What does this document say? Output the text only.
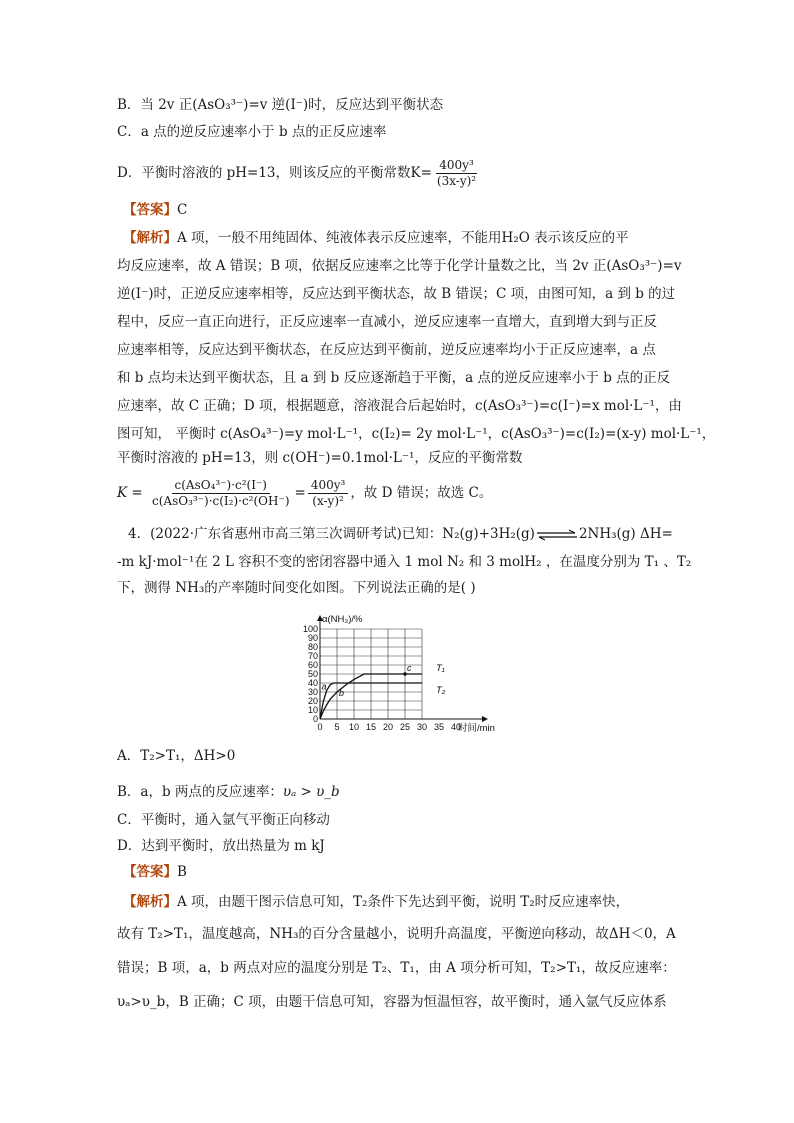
B．当 2v 正(AsO₃³⁻)=v 逆(I⁻)时，反应达到平衡状态
C．a 点的逆反应速率小于 b 点的正反应速率
D．平衡时溶液的 pH=13，则该反应的平衡常数$K= \frac{\text{400y³}}{\text{(3x-y)²}}$
【答案】C
【解析】A 项，一般不用纯固体、纯液体表示反应速率，不能用H₂O 表示该反应的平
均反应速率，故 A 错误；B 项，依据反应速率之比等于化学计量数之比，当 2v 正(AsO₃³⁻)=v
逆(I⁻)时，正逆反应速率相等，反应达到平衡状态，故 B 错误；C 项，由图可知，a 到 b 的过
程中，反应一直正向进行，正反应速率一直减小，逆反应速率一直增大，直到增大到与正反
应速率相等，反应达到平衡状态，在反应达到平衡前，逆反应速率均小于正反应速率，a 点
和 b 点均未达到平衡状态，且 a 到 b 反应逐渐趋于平衡，a 点的逆反应速率小于 b 点的正反
应速率，故 C 正确；D 项，根据题意，溶液混合后起始时，c(AsO₃³⁻)=c(I⁻)=x mol·L⁻¹，由
图可知， 平衡时 c(AsO₄³⁻)=y mol·L⁻¹，c(I₂)= 2y mol·L⁻¹，c(AsO₃³⁻)=c(I₂)=(x-y) mol·L⁻¹，
平衡时溶液的 pH=13，则 c(OH⁻)=0.1mol·L⁻¹，反应的平衡常数
$K = \frac{\text{c(AsO₄³⁻)·c²(I⁻)}}{\text{c(AsO₃³⁻)·c(I₂)·c²(OH⁻)}} = \frac{\text{400y³}}{\text{(x-y)²}}$ ，故 D 错误；故选 C。
4．(2022·广东省惠州市高三第三次调研考试)已知：N₂(g)+3H₂(g)⇌2NH₃(g) ΔH=
-m kJ·mol⁻¹在 2 L 容积不变的密闭容器中通入 1 mol N₂ 和 3 molH₂ ，在温度分别为 T₁ 、T₂
下，测得 NH₃的产率随时间变化如图。下列说法正确的是( )
0
10
20
30
40
50
60
70
80
90
100
0 5 10 15 20 25 30 35 40
α(NH₃)/%
时间/min
T₁
T₂
a
b
c
A．T₂>T₁，ΔH>0
B．a，b 两点的反应速率：υₐ > υ_b
C．平衡时，通入氩气平衡正向移动
D．达到平衡时，放出热量为 m kJ
【答案】B
【解析】A 项，由题干图示信息可知，T₂条件下先达到平衡，说明 T₂时反应速率快，
故有 T₂>T₁，温度越高，NH₃的百分含量越小，说明升高温度，平衡逆向移动，故ΔH＜0，A
错误；B 项，a，b 两点对应的温度分别是 T₂、T₁，由 A 项分析可知，T₂>T₁，故反应速率：
υₐ>υ_b，B 正确；C 项，由题干信息可知，容器为恒温恒容，故平衡时，通入氩气反应体系
